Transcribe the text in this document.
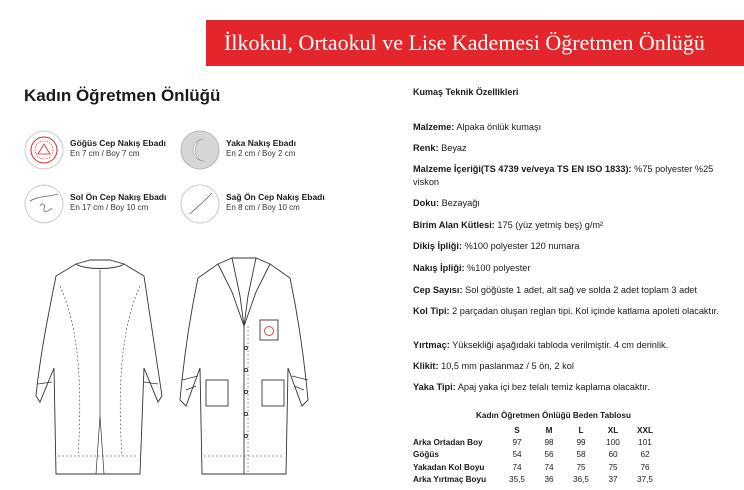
İlkokul, Ortaokul ve Lise Kademesi Öğretmen Önlüğü
Kadın Öğretmen Önlüğü
Göğüs Cep Nakış Ebadı
En 7 cm / Boy 7 cm
Yaka Nakış Ebadı
En 2 cm / Boy 2 cm
Sol Ön Cep Nakış Ebadı
En 17 cm / Boy 10 cm
Sağ Ön Cep Nakış Ebadı
En 8 cm / Boy 10 cm
Kumaş Teknik Özellikleri
Malzeme: Alpaka önlük kumaşı
Renk: Beyaz
Malzeme İçeriği(TS 4739 ve/veya TS EN ISO 1833): %75 polyester %25 viskon
Doku: Bezayağı
Birim Alan Kütlesi: 175 (yüz yetmiş beş) g/m²
Dikiş İpliği: %100 polyester 120 numara
Nakış İpliği: %100 polyester
Cep Sayısı: Sol göğüste 1 adet, alt sağ ve solda 2 adet toplam 3 adet
Kol Tipi: 2 parçadan oluşan reglan tipi. Kol içinde katlama apoleti olacaktır.
Yırtmaç: Yüksekliği aşağıdaki tabloda verilmiştir. 4 cm derinlik.
Klikit: 10,5 mm paslanmaz / 5 ön, 2 kol
Yaka Tipi: Apaj yaka içi bez telalı temiz kaplama olacaktır.
Kadın Öğretmen Önlüğü Beden Tablosu
	S	M	L	XL	XXL
Arka Ortadan Boy	97	98	99	100	101
Göğüs	54	56	58	60	62
Yakadan Kol Boyu	74	74	75	75	76
Arka Yırtmaç Boyu	35,5	36	36,5	37	37,5
